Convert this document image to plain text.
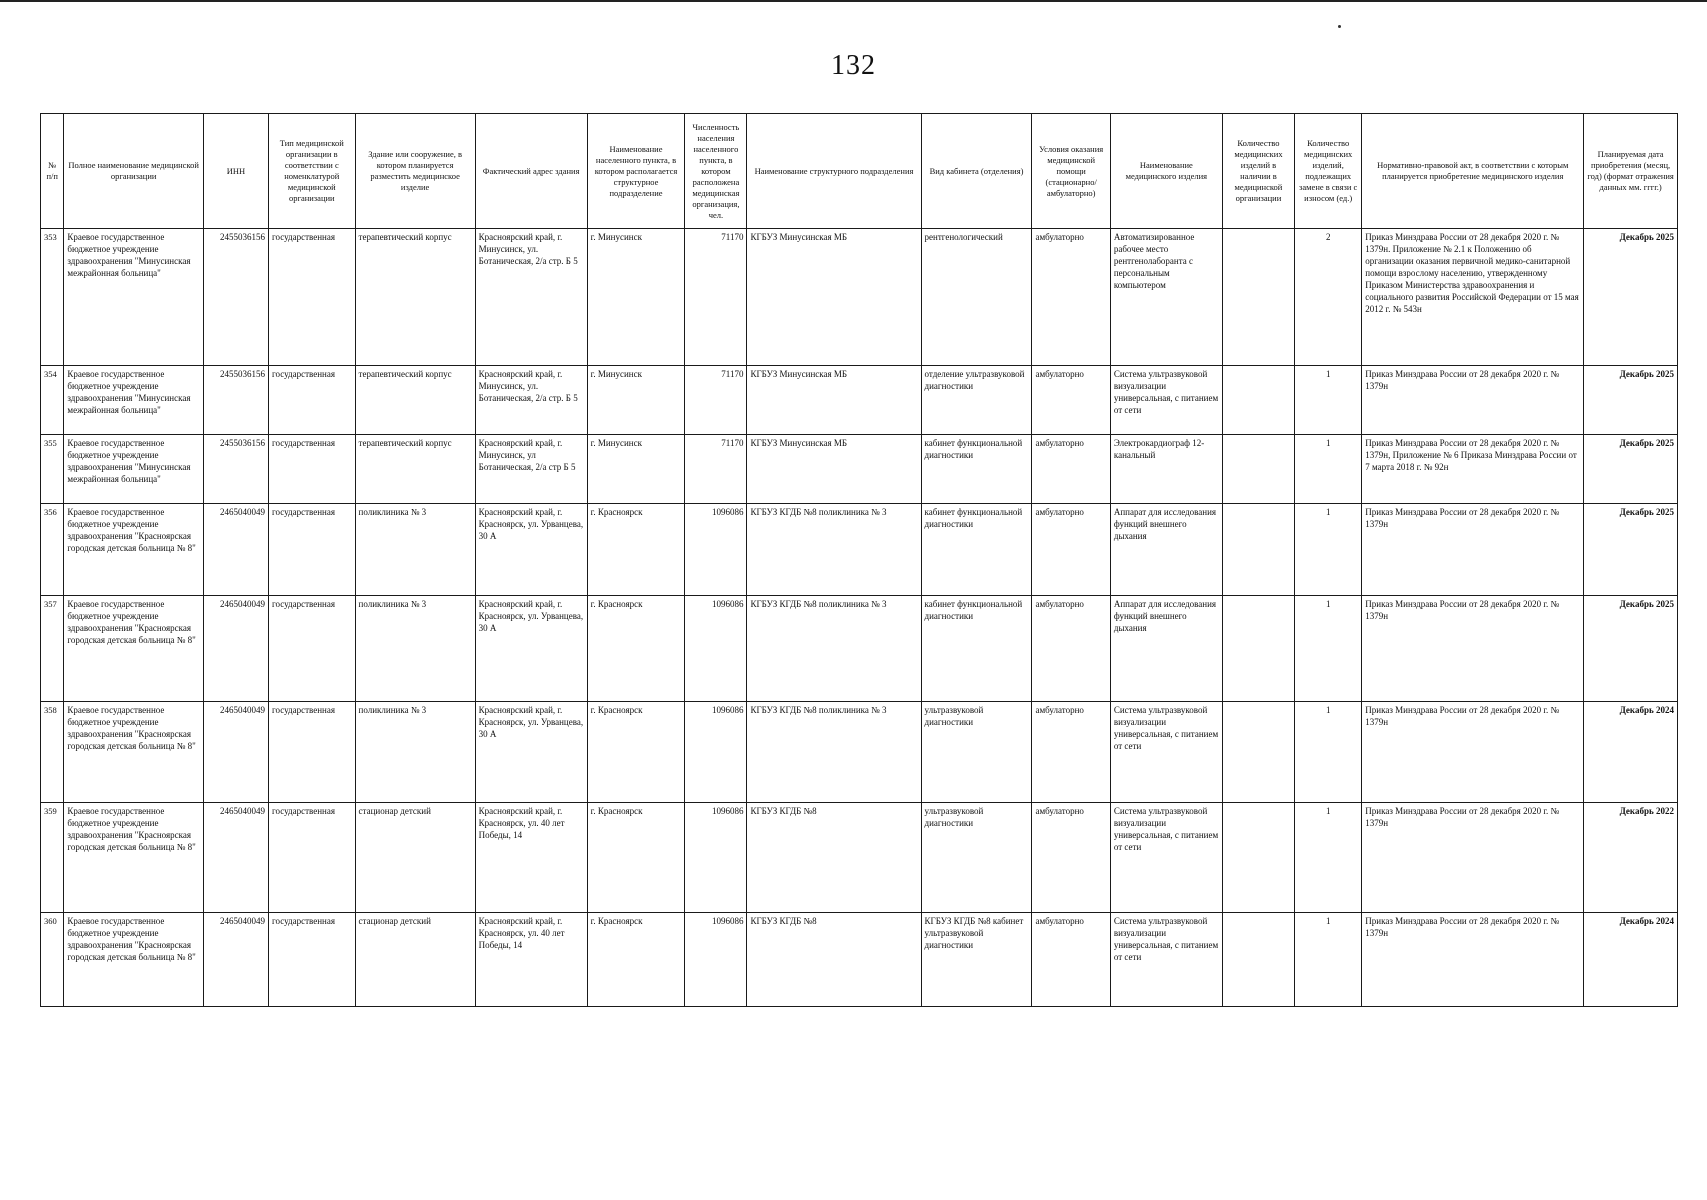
132
№ п/п	Полное наименование медицинской организации	ИНН	Тип медицинской организации в соответствии с номенклатурой медицинской организации	Здание или сооружение, в котором планируется разместить медицинское изделие	Фактический адрес здания	Наименование населенного пункта, в котором располагается структурное подразделение	Численность населения населенного пункта, в котором расположена медицинская организация, чел.	Наименование структурного подразделения	Вид кабинета (отделения)	Условия оказания медицинской помощи (стационарно/ амбулаторно)	Наименование медицинского изделия	Количество медицинских изделий в наличии в медицинской организации	Количество медицинских изделий, подлежащих замене в связи с износом (ед.)	Нормативно-правовой акт, в соответствии с которым планируется приобретение медицинского изделия	Планируемая дата приобретения (месяц, год) (формат отражения данных мм. гггг.)
353	Краевое государственное бюджетное учреждение здравоохранения "Минусинская межрайонная больница"	2455036156	государственная	терапевтический корпус	Красноярский край, г. Минусинск, ул. Ботаническая, 2/а стр. Б 5	г. Минусинск	71170	КГБУЗ Минусинская МБ	рентгенологический	амбулаторно	Автоматизированное рабочее место рентгенолаборанта с персональным компьютером		2	Приказ Минздрава России от 28 декабря 2020 г. № 1379н. Приложение № 2.1 к Положению об организации оказания первичной медико-санитарной помощи взрослому населению, утвержденному Приказом Министерства здравоохранения и социального развития Российской Федерации от 15 мая 2012 г. № 543н	Декабрь 2025
354	Краевое государственное бюджетное учреждение здравоохранения "Минусинская межрайонная больница"	2455036156	государственная	терапевтический корпус	Красноярский край, г. Минусинск, ул. Ботаническая, 2/а стр. Б 5	г. Минусинск	71170	КГБУЗ Минусинская МБ	отделение ультразвуковой диагностики	амбулаторно	Система ультразвуковой визуализации универсальная, с питанием от сети		1	Приказ Минздрава России от 28 декабря 2020 г. № 1379н	Декабрь 2025
355	Краевое государственное бюджетное учреждение здравоохранения "Минусинская межрайонная больница"	2455036156	государственная	терапевтический корпус	Красноярский край, г. Минусинск, ул Ботаническая, 2/а стр Б 5	г. Минусинск	71170	КГБУЗ Минусинская МБ	кабинет функциональной диагностики	амбулаторно	Электрокардиограф 12-канальный		1	Приказ Минздрава России от 28 декабря 2020 г. № 1379н, Приложение № 6 Приказа Минздрава России от 7 марта 2018 г. № 92н	Декабрь 2025
356	Краевое государственное бюджетное учреждение здравоохранения "Красноярская городская детская больница № 8"	2465040049	государственная	поликлиника № 3	Красноярский край, г. Красноярск, ул. Урванцева, 30 А	г. Красноярск	1096086	КГБУЗ КГДБ №8 поликлиника № 3	кабинет функциональной диагностики	амбулаторно	Аппарат для исследования функций внешнего дыхания		1	Приказ Минздрава России от 28 декабря 2020 г. № 1379н	Декабрь 2025
357	Краевое государственное бюджетное учреждение здравоохранения "Красноярская городская детская больница № 8"	2465040049	государственная	поликлиника № 3	Красноярский край, г. Красноярск, ул. Урванцева, 30 А	г. Красноярск	1096086	КГБУЗ КГДБ №8 поликлиника № 3	кабинет функциональной диагностики	амбулаторно	Аппарат для исследования функций внешнего дыхания		1	Приказ Минздрава России от 28 декабря 2020 г. № 1379н	Декабрь 2025
358	Краевое государственное бюджетное учреждение здравоохранения "Красноярская городская детская больница № 8"	2465040049	государственная	поликлиника № 3	Красноярский край, г. Красноярск, ул. Урванцева, 30 А	г. Красноярск	1096086	КГБУЗ КГДБ №8 поликлиника № 3	ультразвуковой диагностики	амбулаторно	Система ультразвуковой визуализации универсальная, с питанием от сети		1	Приказ Минздрава России от 28 декабря 2020 г. № 1379н	Декабрь 2024
359	Краевое государственное бюджетное учреждение здравоохранения "Красноярская городская детская больница № 8"	2465040049	государственная	стационар детский	Красноярский край, г. Красноярск, ул. 40 лет Победы, 14	г. Красноярск	1096086	КГБУЗ КГДБ №8	ультразвуковой диагностики	амбулаторно	Система ультразвуковой визуализации универсальная, с питанием от сети		1	Приказ Минздрава России от 28 декабря 2020 г. № 1379н	Декабрь 2022
360	Краевое государственное бюджетное учреждение здравоохранения "Красноярская городская детская больница № 8"	2465040049	государственная	стационар детский	Красноярский край, г. Красноярск, ул. 40 лет Победы, 14	г. Красноярск	1096086	КГБУЗ КГДБ №8	КГБУЗ КГДБ №8 кабинет ультразвуковой диагностики	амбулаторно	Система ультразвуковой визуализации универсальная, с питанием от сети		1	Приказ Минздрава России от 28 декабря 2020 г. № 1379н	Декабрь 2024
